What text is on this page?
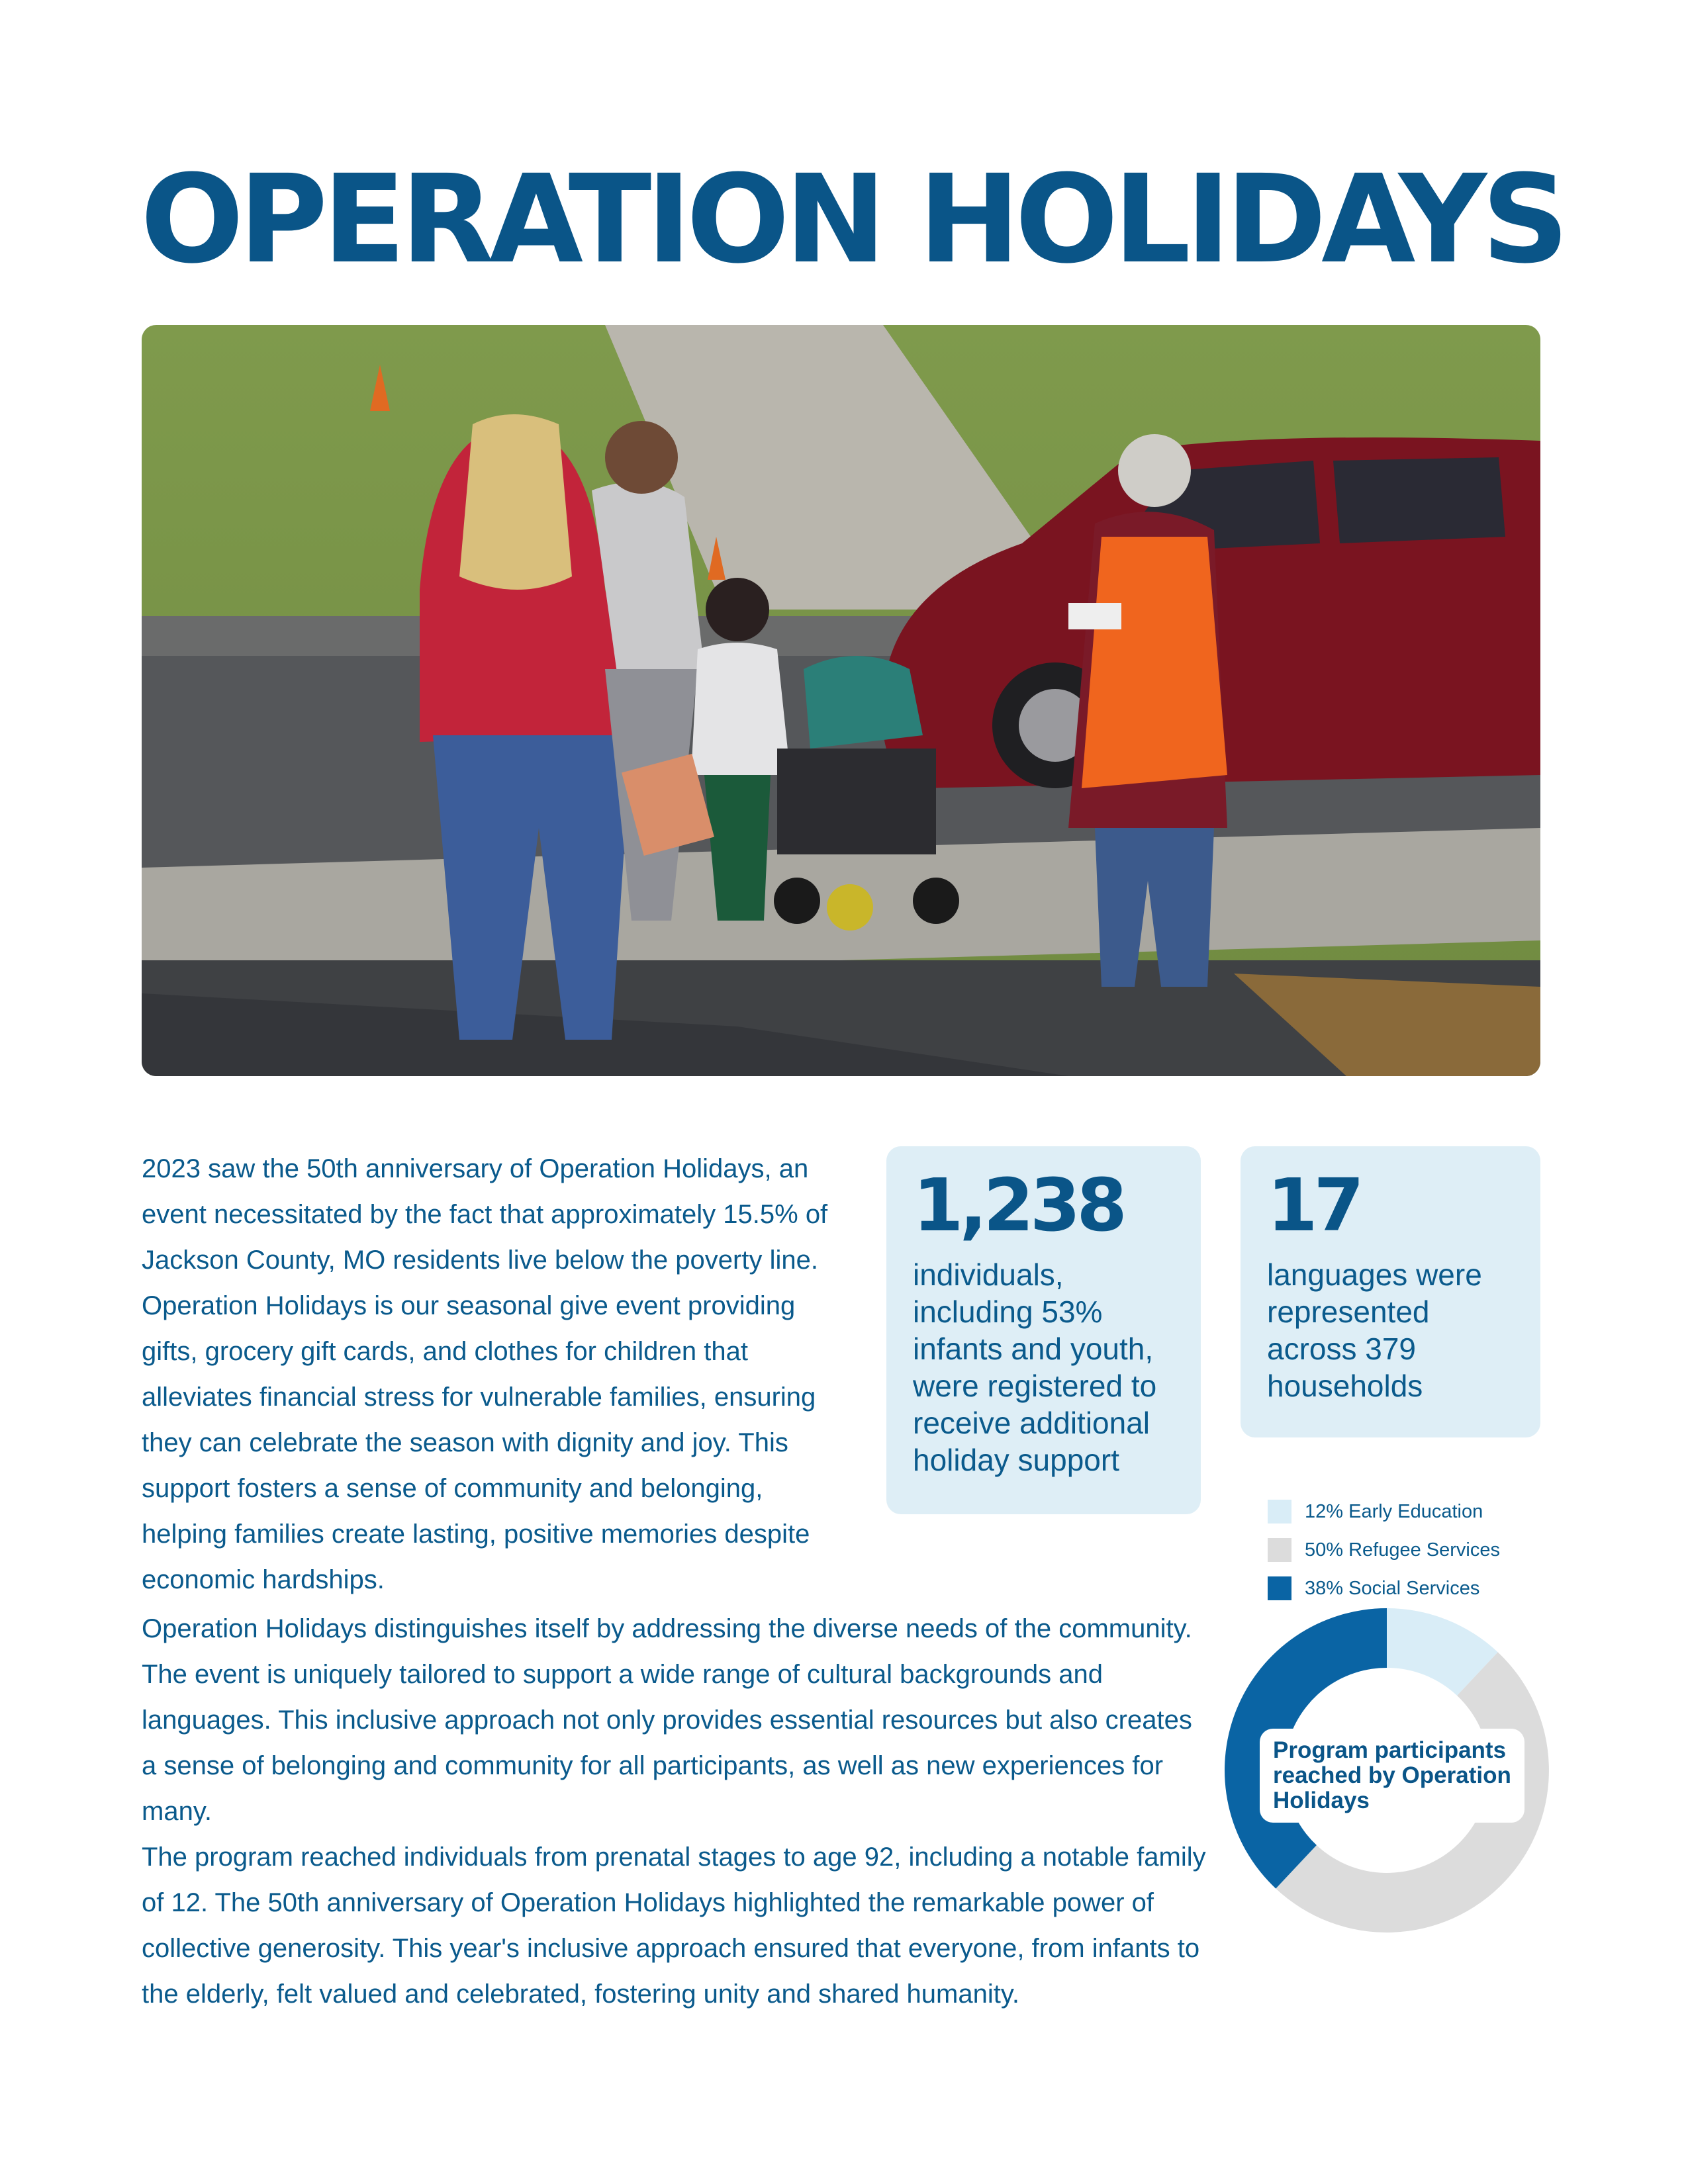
OPERATION HOLIDAYS

2023 saw the 50th anniversary of Operation Holidays, an event necessitated by the fact that approximately 15.5% of Jackson County, MO residents live below the poverty line. Operation Holidays is our seasonal give event providing gifts, grocery gift cards, and clothes for children that alleviates financial stress for vulnerable families, ensuring they can celebrate the season with dignity and joy. This support fosters a sense of community and belonging, helping families create lasting, positive memories despite economic hardships.

1,238

individuals, including 53% infants and youth, were registered to receive additional holiday support

17

languages were represented across 379 households

12% Early Education
50% Refugee Services
38% Social Services
Program participants reached by Operation Holidays

Operation Holidays distinguishes itself by addressing the diverse needs of the community. The event is uniquely tailored to support a wide range of cultural backgrounds and languages. This inclusive approach not only provides essential resources but also creates a sense of belonging and community for all participants, as well as new experiences for many.

The program reached individuals from prenatal stages to age 92, including a notable family of 12. The 50th anniversary of Operation Holidays highlighted the remarkable power of collective generosity. This year's inclusive approach ensured that everyone, from infants to the elderly, felt valued and celebrated, fostering unity and shared humanity.
